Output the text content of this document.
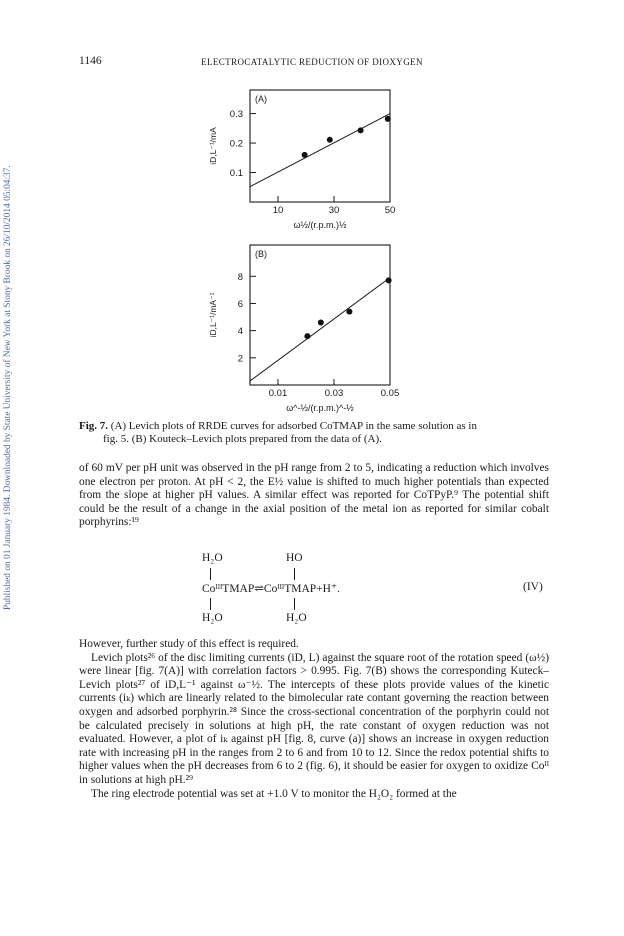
Published on 01 January 1984. Downloaded by State University of New York at Stony Brook on 26/10/2014 05:04:37.
1146	ELECTROCATALYTIC REDUCTION OF DIOXYGEN
(A)
0.1
0.2
0.3
10	30	50
ω½/(r.p.m.)½
iD,L⁻¹/mA
(B)
2
4
6
8
0.01	0.03	0.05
ω^-½/(r.p.m.)^-½
iD,L⁻¹/mA⁻¹
Fig. 7. (A) Levich plots of RRDE curves for adsorbed CoTMAP in the same solution as in
fig. 5. (B) Kouteck–Levich plots prepared from the data of (A).

of 60 mV per pH unit was observed in the pH range from 2 to 5, indicating a reduction which involves one electron per proton. At pH < 2, the E½ value is shifted to much higher potentials than expected from the slope at higher pH values. A similar effect was reported for CoTPyP.⁹ The potential shift could be the result of a change in the axial position of the metal ion as reported for similar cobalt porphyrins:¹⁹

H₂O	HO
CoᴵᴵᴵTMAP⇌CoᴵᴵᴵTMAP+H⁺.	(IV)
H₂O	H₂O

However, further study of this effect is required.

Levich plots²⁶ of the disc limiting currents (iD, L) against the square root of the rotation speed (ω½) were linear [fig. 7(A)] with correlation factors > 0.995. Fig. 7(B) shows the corresponding Kuteck–Levich plots²⁷ of iD,L⁻¹ against ω⁻½. The intercepts of these plots provide values of the kinetic currents (iₖ) which are linearly related to the bimolecular rate contant governing the reaction between oxygen and adsorbed porphyrin.²⁸ Since the cross-sectional concentration of the porphyrin could not be calculated precisely in solutions at high pH, the rate constant of oxygen reduction was not evaluated. However, a plot of iₖ against pH [fig. 8, curve (a)] shows an increase in oxygen reduction rate with increasing pH in the ranges from 2 to 6 and from 10 to 12. Since the redox potential shifts to higher values when the pH decreases from 6 to 2 (fig. 6), it should be easier for oxygen to oxidize Coᴵᴵ in solutions at high pH.²⁹

The ring electrode potential was set at +1.0 V to monitor the H₂O₂ formed at the
